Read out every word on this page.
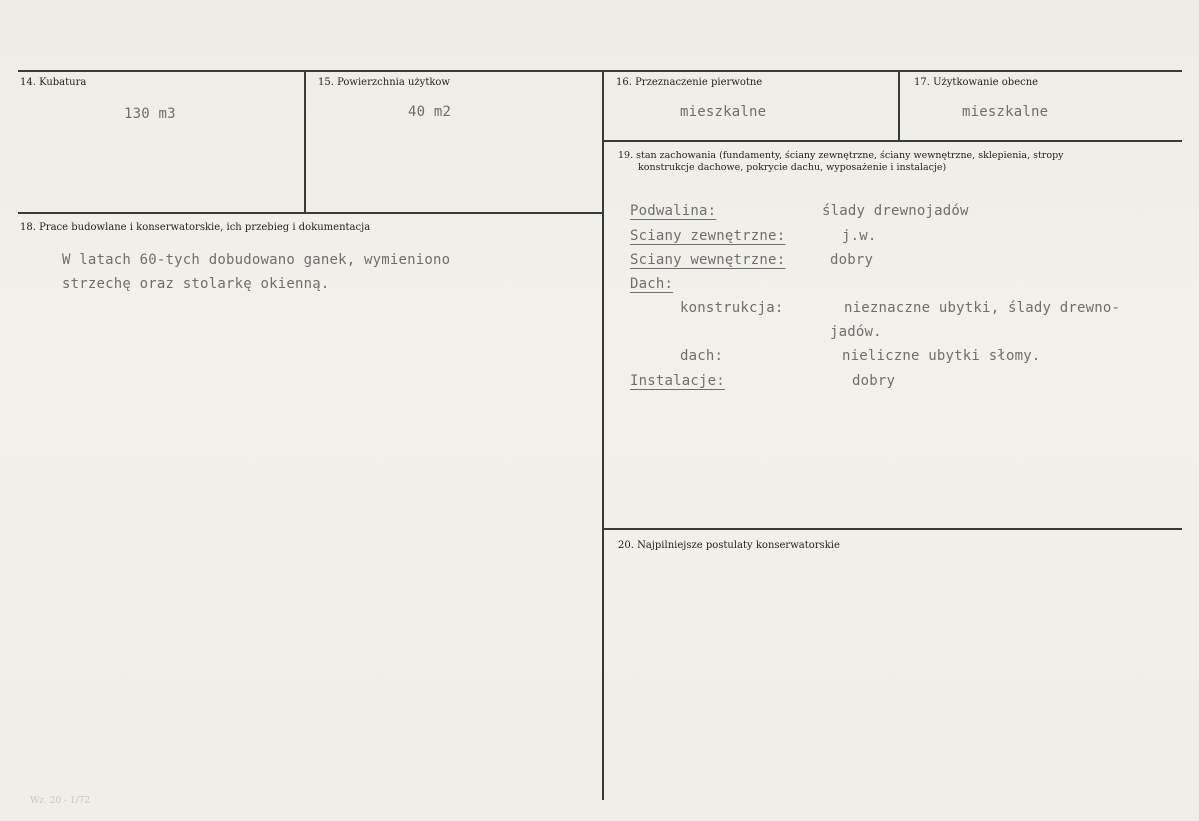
14. Kubatura
130 m3
15. Powierzchnia użytkow
40 m2
16. Przeznaczenie pierwotne
mieszkalne
17. Użytkowanie obecne
mieszkalne
18. Prace budowlane i konserwatorskie, ich przebieg i dokumentacja
W latach 60-tych dobudowano ganek, wymieniono
strzechę oraz stolarkę okienną.
19. stan zachowania (fundamenty, ściany zewnętrzne, ściany wewnętrzne, sklepienia, stropy
konstrukcje dachowe, pokrycie dachu, wyposażenie i instalacje)
Podwalina:	ślady drewnojadów
Sciany zewnętrzne:	j.w.
Sciany wewnętrzne:	dobry
Dach:
konstrukcja:	nieznaczne ubytki, ślady drewno-
jadów.
dach:	nieliczne ubytki słomy.
Instalacje:	dobry
20. Najpilniejsze postulaty konserwatorskie
Wz. 20 - 1/72
